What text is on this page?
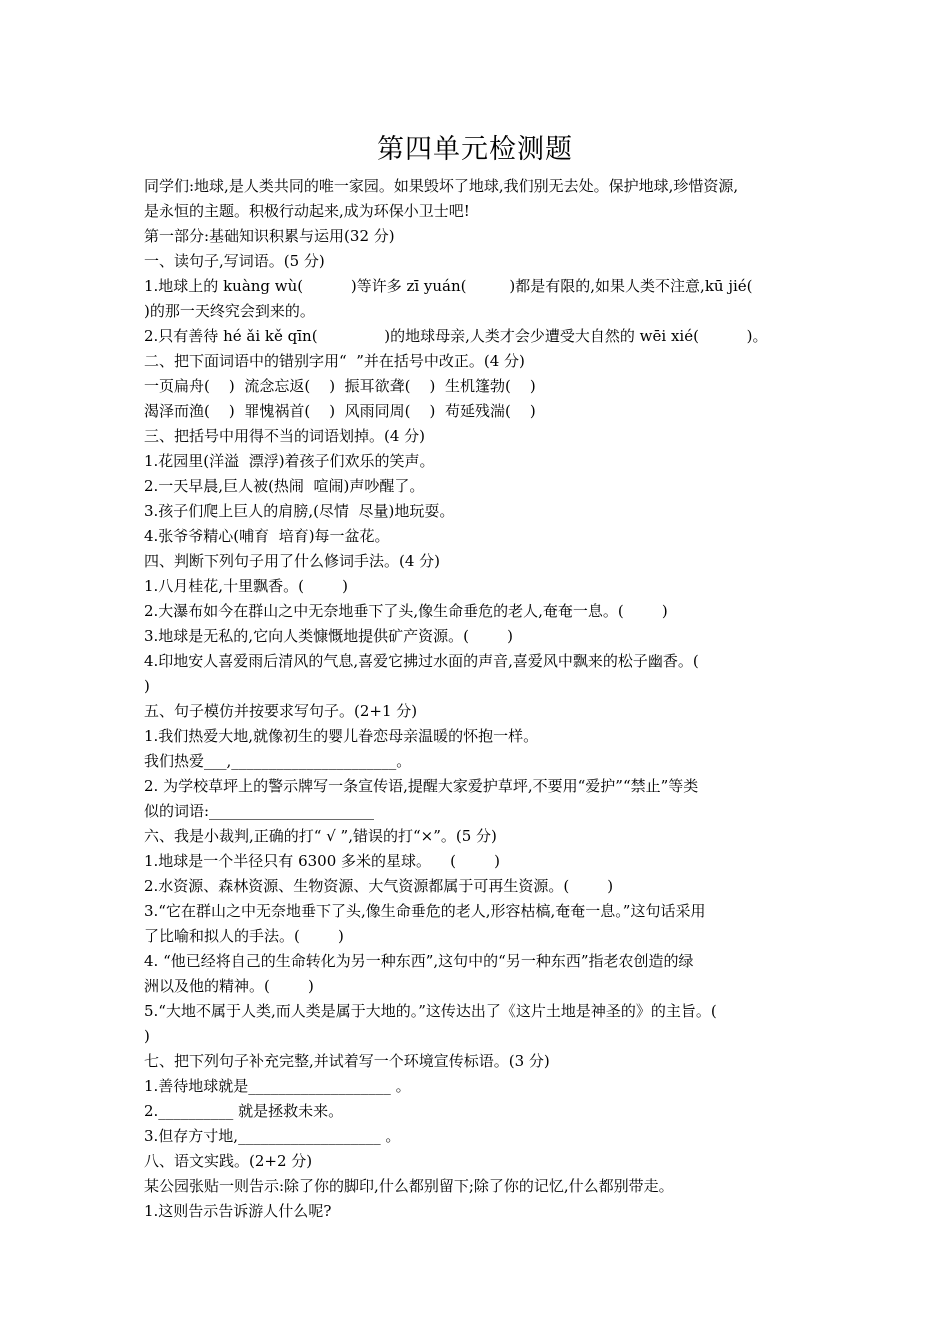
第四单元检测题
同学们:地球,是人类共同的唯一家园。如果毁坏了地球,我们别无去处。保护地球,珍惜资源,
是永恒的主题。积极行动起来,成为环保小卫士吧!
第一部分:基础知识积累与运用(32 分)
一、读句子,写词语。(5 分)
1.地球上的 kuàng wù(          )等许多 zī yuán(         )都是有限的,如果人类不注意,kū jié(
)的那一天终究会到来的。
2.只有善待 hé ǎi kě qīn(              )的地球母亲,人类才会少遭受大自然的 wēi xié(          )。
二、把下面词语中的错别字用“  ”并在括号中改正。(4 分)
一页扁舟(    )  流念忘返(    )  振耳欲聋(    )  生机篷勃(    )
渴泽而渔(    )  罪愧祸首(    )  风雨同周(    )  苟延残湍(    )
三、把括号中用得不当的词语划掉。(4 分)
1.花园里(洋溢  漂浮)着孩子们欢乐的笑声。
2.一天早晨,巨人被(热闹  喧闹)声吵醒了。
3.孩子们爬上巨人的肩膀,(尽情  尽量)地玩耍。
4.张爷爷精心(哺育  培育)每一盆花。
四、判断下列句子用了什么修词手法。(4 分)
1.八月桂花,十里飘香。(        )
2.大瀑布如今在群山之中无奈地垂下了头,像生命垂危的老人,奄奄一息。(        )
3.地球是无私的,它向人类慷慨地提供矿产资源。(        )
4.印地安人喜爱雨后清风的气息,喜爱它拂过水面的声音,喜爱风中飘来的松子幽香。(
)
五、句子模仿并按要求写句子。(2+1 分)
1.我们热爱大地,就像初生的婴儿眷恋母亲温暖的怀抱一样。
我们热爱___,______________________。
2. 为学校草坪上的警示牌写一条宣传语,提醒大家爱护草坪,不要用“爱护”“禁止”等类
似的词语:______________________
六、我是小裁判,正确的打“ √ ”,错误的打“×”。(5 分)
1.地球是一个半径只有 6300 多米的星球。    (        )
2.水资源、森林资源、生物资源、大气资源都属于可再生资源。(        )
3.“它在群山之中无奈地垂下了头,像生命垂危的老人,形容枯槁,奄奄一息。”这句话采用
了比喻和拟人的手法。(        )
4. “他已经将自己的生命转化为另一种东西”,这句中的“另一种东西”指老农创造的绿
洲以及他的精神。(        )
5.“大地不属于人类,而人类是属于大地的。”这传达出了《这片土地是神圣的》的主旨。(
)
七、把下列句子补充完整,并试着写一个环境宣传标语。(3 分)
1.善待地球就是___________________ 。
2.__________ 就是拯救未来。
3.但存方寸地,___________________ 。
八、语文实践。(2+2 分)
某公园张贴一则告示:除了你的脚印,什么都别留下;除了你的记忆,什么都别带走。
1.这则告示告诉游人什么呢?
